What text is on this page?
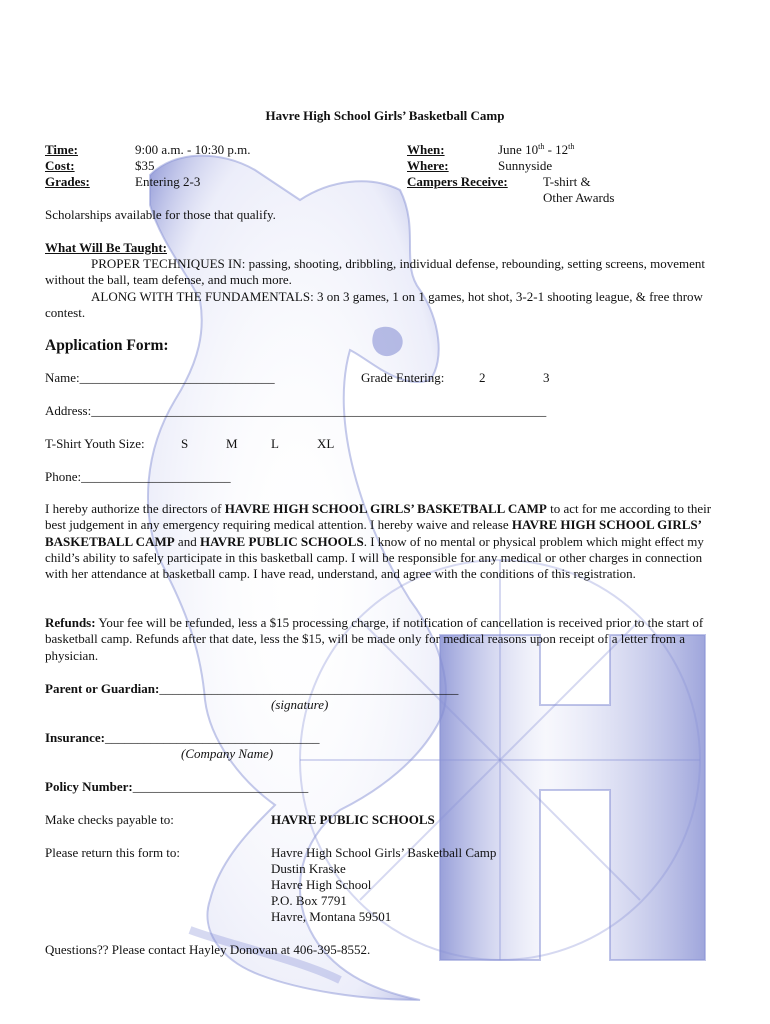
Havre High School Girls’ Basketball Camp
Time:	9:00 a.m. - 10:30 p.m.
Cost:	$35
Grades:	Entering 2-3
When:	June 10th - 12th
Where:	Sunnyside
Campers Receive:	T-shirt &
Other Awards
Scholarships available for those that qualify.
What Will Be Taught:
PROPER TECHNIQUES IN: passing, shooting, dribbling, individual defense, rebounding, setting screens, movement without the ball, team defense, and much more.
ALONG WITH THE FUNDAMENTALS: 3 on 3 games, 1 on 1 games, hot shot, 3-2-1 shooting league, & free throw contest.
Application Form:
Name:______________________________	Grade Entering:	2	3
Address:______________________________________________________________________
T-Shirt Youth Size:	S	M	L	XL
Phone:_______________________
I hereby authorize the directors of HAVRE HIGH SCHOOL GIRLS’ BASKETBALL CAMP to act for me according to their best judgement in any emergency requiring medical attention. I hereby waive and release HAVRE HIGH SCHOOL GIRLS’ BASKETBALL CAMP and HAVRE PUBLIC SCHOOLS. I know of no mental or physical problem which might effect my child’s ability to safely participate in this basketball camp. I will be responsible for any medical or other charges in connection with her attendance at basketball camp. I have read, understand, and agree with the conditions of this registration.
Refunds: Your fee will be refunded, less a $15 processing charge, if notification of cancellation is received prior to the start of basketball camp. Refunds after that date, less the $15, will be made only for medical reasons upon receipt of a letter from a physician.
Parent or Guardian:______________________________________________
(signature)
Insurance:_________________________________
(Company Name)
Policy Number:___________________________
Make checks payable to:	HAVRE PUBLIC SCHOOLS
Please return this form to:	Havre High School Girls’ Basketball Camp
Dustin Kraske
Havre High School
P.O. Box 7791
Havre, Montana 59501
Questions?? Please contact Hayley Donovan at 406-395-8552.
